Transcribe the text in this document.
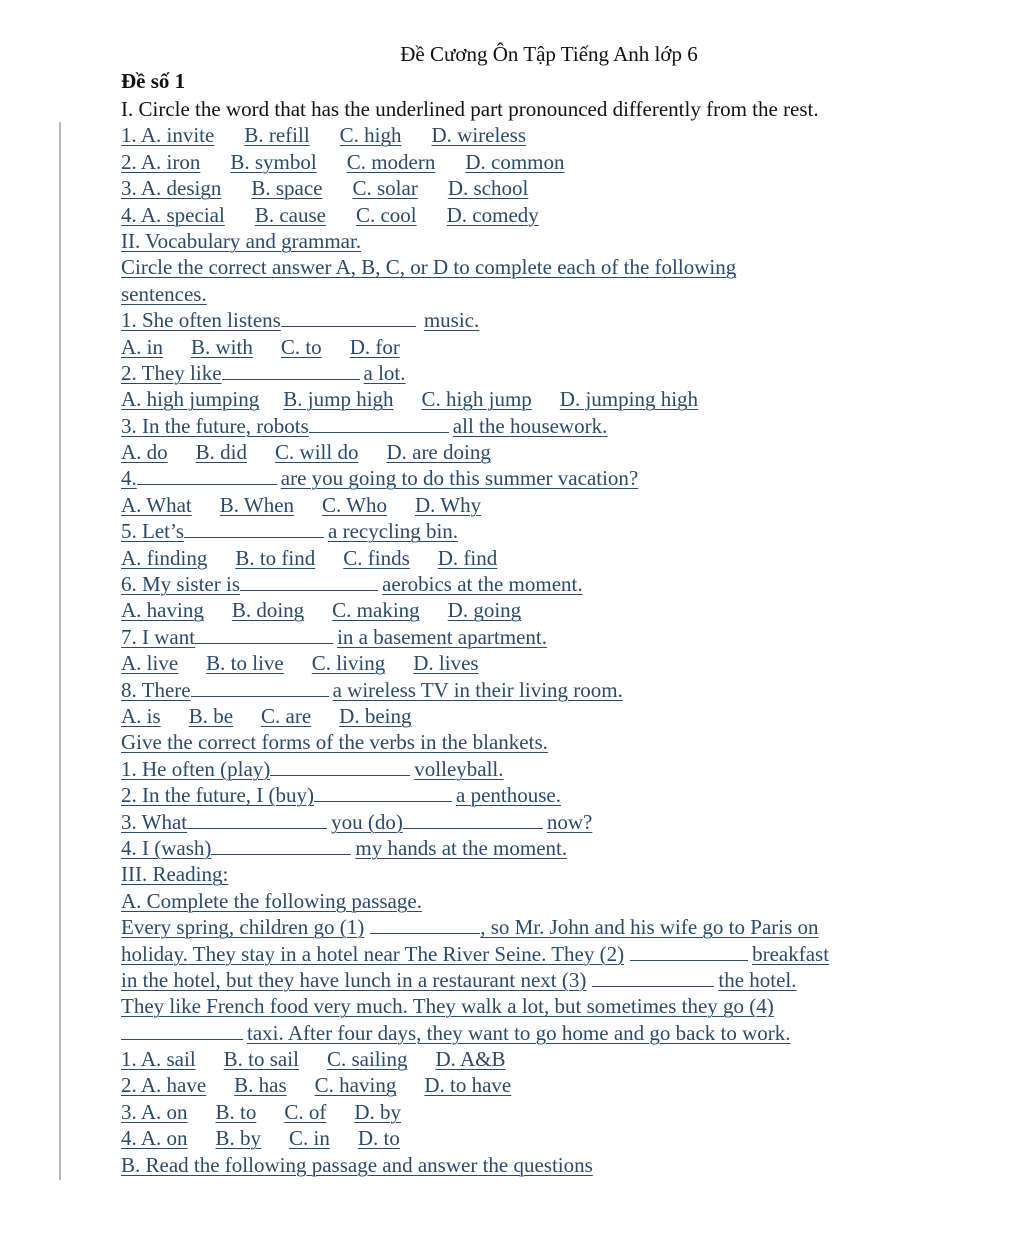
Đề Cương Ôn Tập Tiếng Anh lớp 6
Đề số 1
I. Circle the word that has the underlined part pronounced differently from the rest.
1. A. invite B. refill C. high D. wireless
2. A. iron B. symbol C. modern D. common
3. A. design B. space C. solar D. school
4. A. special B. cause C. cool D. comedy
II. Vocabulary and grammar.
Circle the correct answer A, B, C, or D to complete each of the following
sentences.
1. She often listens	music.
A. in B. with C. to D. for
2. They like	a lot.
A. high jumping B. jump high C. high jump D. jumping high
3. In the future, robots	all the housework.
A. do B. did C. will do D. are doing
4.	are you going to do this summer vacation?
A. What B. When C. Who D. Why
5. Let’s	a recycling bin.
A. finding B. to find C. finds D. find
6. My sister is	aerobics at the moment.
A. having B. doing C. making D. going
7. I want	in a basement apartment.
A. live B. to live C. living D. lives
8. There	a wireless TV in their living room.
A. is B. be C. are D. being
Give the correct forms of the verbs in the blankets.
1. He often (play)	volleyball.
2. In the future, I (buy)	a penthouse.
3. What	you (do)	now?
4. I (wash)	my hands at the moment.
III. Reading:
A. Complete the following passage.
Every spring, children go (1)	, so Mr. John and his wife go to Paris on
holiday. They stay in a hotel near The River Seine. They (2)	breakfast
in the hotel, but they have lunch in a restaurant next (3)	the hotel.
They like French food very much. They walk a lot, but sometimes they go (4)
taxi. After four days, they want to go home and go back to work.
1. A. sail B. to sail C. sailing D. A&B
2. A. have B. has C. having D. to have
3. A. on B. to C. of D. by
4. A. on B. by C. in D. to
B. Read the following passage and answer the questions
